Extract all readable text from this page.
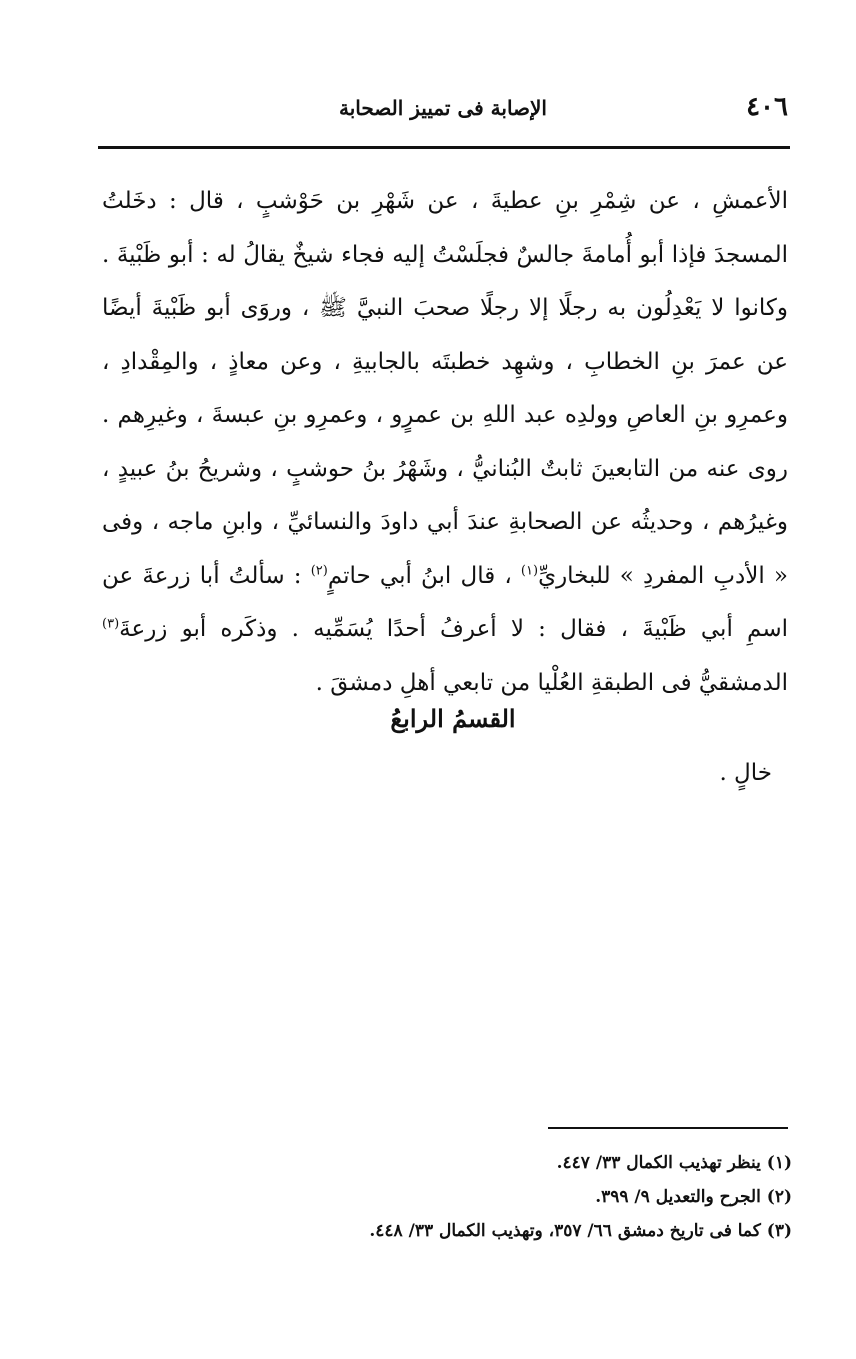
٤٠٦
الإصابة فى تمييز الصحابة

الأعمشِ ، عن شِمْرِ بنِ عطيةَ ، عن شَهْرِ بن حَوْشبٍ ، قال : دخَلتُ المسجدَ فإذا أبو أُمامةَ جالسٌ فجلَسْتُ إليه فجاء شيخٌ يقالُ له : أبو ظَبْيةَ . وكانوا لا يَعْدِلُون به رجلًا إلا رجلًا صحبَ النبيَّ ﷺ ، وروَى أبو ظَبْيةَ أيضًا عن عمرَ بنِ الخطابِ ، وشهِد خطبتَه بالجابيةِ ، وعن معاذٍ ، والمِقْدادِ ، وعمرِو بنِ العاصِ وولدِه عبد اللهِ بن عمرٍو ، وعمرِو بنِ عبسةَ ، وغيرِهم . روى عنه من التابعينَ ثابتٌ البُنانيُّ ، وشَهْرُ بنُ حوشبٍ ، وشريحُ بنُ عبيدٍ ، وغيرُهم ، وحديثُه عن الصحابةِ عندَ أبي داودَ والنسائيِّ ، وابنِ ماجه ، وفى « الأدبِ المفردِ » للبخاريِّ$^{(١)}$ ، قال ابنُ أبي حاتمٍ$^{(٢)}$ : سألتُ أبا زرعةَ عن اسمِ أبي ظَبْيةَ ، فقال : لا أعرفُ أحدًا يُسَمِّيه . وذكَره أبو زرعةَ$^{(٣)}$ الدمشقيُّ فى الطبقةِ العُلْيا من تابعي أهلِ دمشقَ .

القسمُ الرابعُ
خالٍ .

(١) ينظر تهذيب الكمال ٣٣/ ٤٤٧.

(٢) الجرح والتعديل ٩/ ٣٩٩.

(٣) كما فى تاريخ دمشق ٦٦/ ٣٥٧، وتهذيب الكمال ٣٣/ ٤٤٨.
